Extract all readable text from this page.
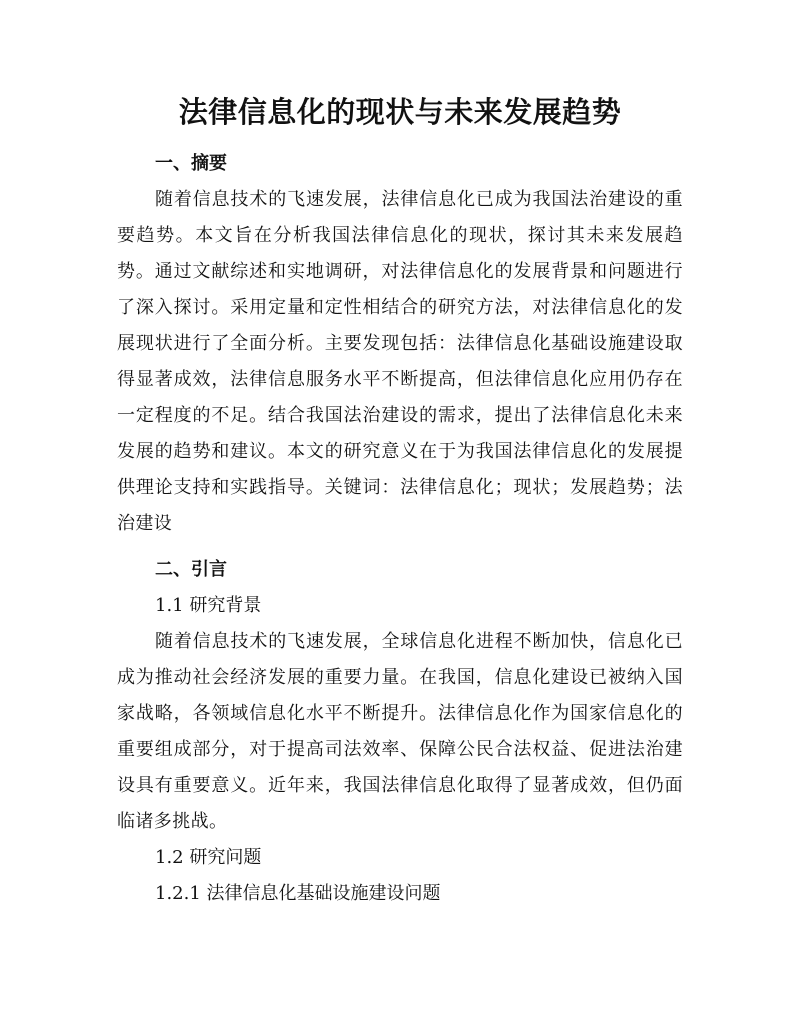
法律信息化的现状与未来发展趋势
一、摘要

随着信息技术的飞速发展，法律信息化已成为我国法治建设的重要趋势。本文旨在分析我国法律信息化的现状，探讨其未来发展趋势。通过文献综述和实地调研，对法律信息化的发展背景和问题进行了深入探讨。采用定量和定性相结合的研究方法，对法律信息化的发展现状进行了全面分析。主要发现包括：法律信息化基础设施建设取得显著成效，法律信息服务水平不断提高，但法律信息化应用仍存在一定程度的不足。结合我国法治建设的需求，提出了法律信息化未来发展的趋势和建议。本文的研究意义在于为我国法律信息化的发展提供理论支持和实践指导。关键词：法律信息化；现状；发展趋势；法治建设

二、引言
1.1 研究背景

随着信息技术的飞速发展，全球信息化进程不断加快，信息化已成为推动社会经济发展的重要力量。在我国，信息化建设已被纳入国家战略，各领域信息化水平不断提升。法律信息化作为国家信息化的重要组成部分，对于提高司法效率、保障公民合法权益、促进法治建设具有重要意义。近年来，我国法律信息化取得了显著成效，但仍面临诸多挑战。

1.2 研究问题
1.2.1 法律信息化基础设施建设问题
